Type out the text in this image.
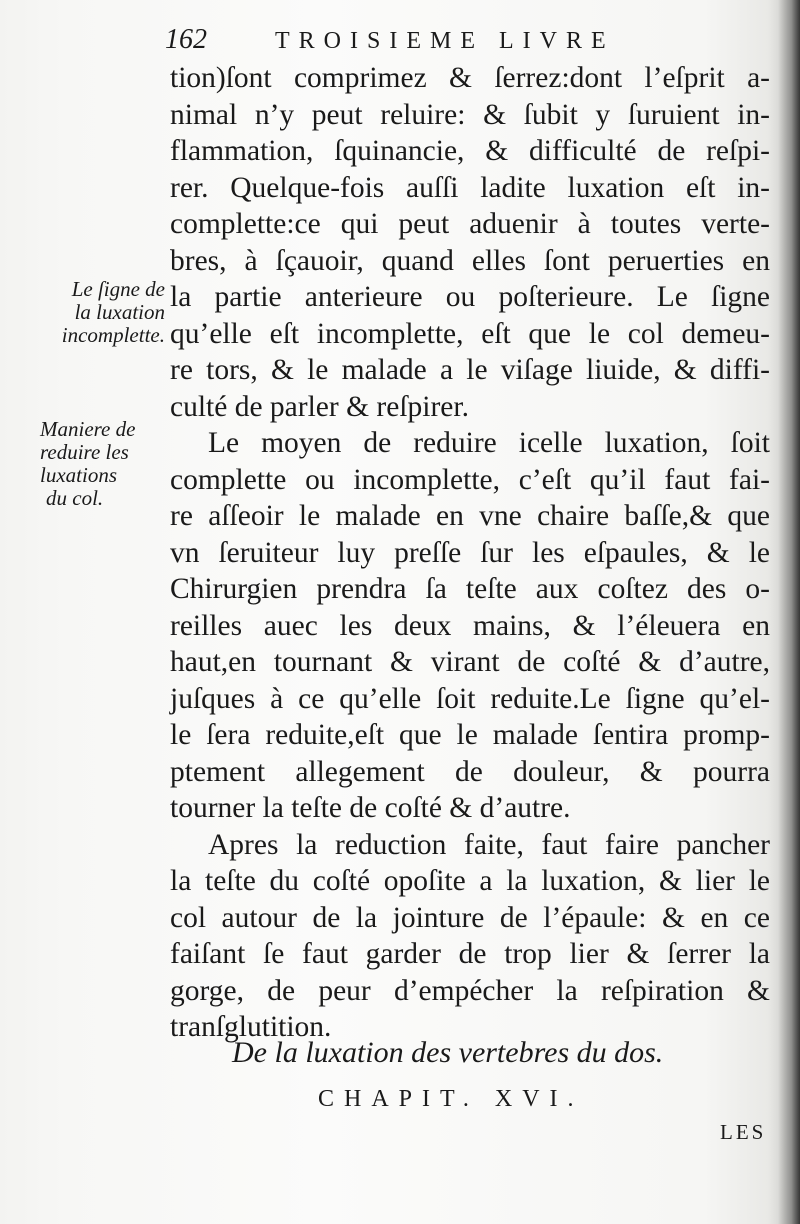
162	TROISIEME LIVRE
Le ſigne de
la luxation
incomplette.
Maniere de
reduire les
luxations
du col.
tion)ſont comprimez & ſerrez:dont l’eſprit a-
nimal n’y peut reluire: & ſubit y ſuruient in-
flammation, ſquinancie, & difficulté de reſpi-
rer. Quelque-fois auſſi ladite luxation eſt in-
complette:ce qui peut aduenir à toutes verte-
bres, à ſçauoir, quand elles ſont peruerties en
la partie anterieure ou poſterieure. Le ſigne
qu’elle eſt incomplette, eſt que le col demeu-
re tors, & le malade a le viſage liuide, & diffi-
culté de parler & reſpirer.
Le moyen de reduire icelle luxation, ſoit
complette ou incomplette, c’eſt qu’il faut fai-
re aſſeoir le malade en vne chaire baſſe,& que
vn ſeruiteur luy preſſe ſur les eſpaules, & le
Chirurgien prendra ſa teſte aux coſtez des o-
reilles auec les deux mains, & l’éleuera en
haut,en tournant & virant de coſté & d’autre,
juſques à ce qu’elle ſoit reduite.Le ſigne qu’el-
le ſera reduite,eſt que le malade ſentira promp-
ptement allegement de douleur, & pourra
tourner la teſte de coſté & d’autre.
Apres la reduction faite, faut faire pancher
la teſte du coſté opoſite a la luxation, & lier le
col autour de la jointure de l’épaule: & en ce
faiſant ſe faut garder de trop lier & ſerrer la
gorge, de peur d’empécher la reſpiration &
tranſglutition.
De la luxation des vertebres du dos.
CHAPIT. XVI.
LES
